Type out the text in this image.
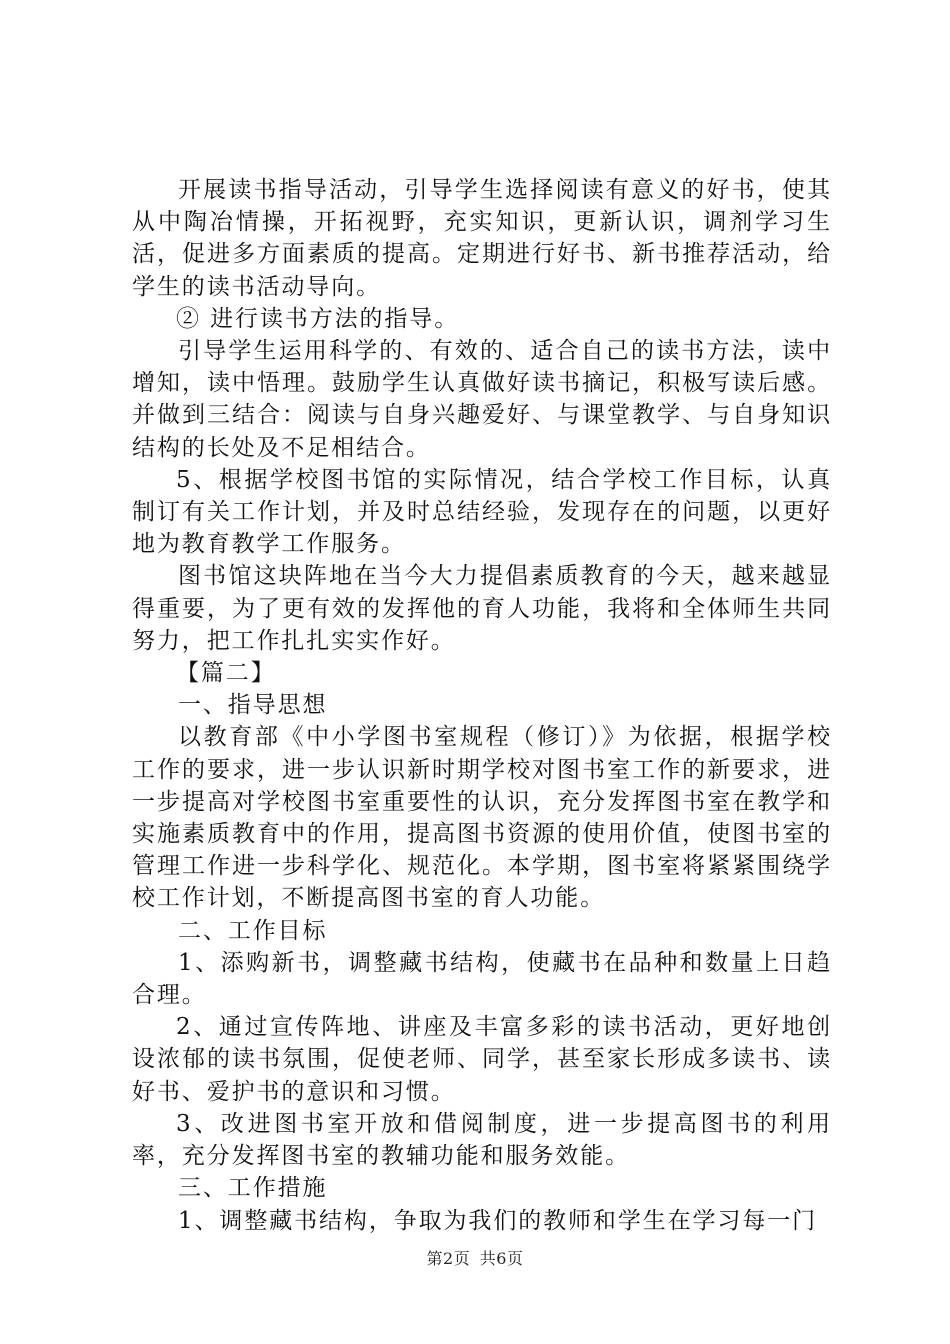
开展读书指导活动，引导学生选择阅读有意义的好书，使其从中陶冶情操，开拓视野，充实知识，更新认识，调剂学习生活，促进多方面素质的提高。定期进行好书、新书推荐活动，给学生的读书活动导向。

② 进行读书方法的指导。

引导学生运用科学的、有效的、适合自己的读书方法，读中增知，读中悟理。鼓励学生认真做好读书摘记，积极写读后感。并做到三结合：阅读与自身兴趣爱好、与课堂教学、与自身知识结构的长处及不足相结合。

5、根据学校图书馆的实际情况，结合学校工作目标，认真制订有关工作计划，并及时总结经验，发现存在的问题，以更好地为教育教学工作服务。

图书馆这块阵地在当今大力提倡素质教育的今天，越来越显得重要，为了更有效的发挥他的育人功能，我将和全体师生共同努力，把工作扎扎实实作好。

【篇二】

一、指导思想

以教育部《中小学图书室规程（修订）》为依据，根据学校工作的要求，进一步认识新时期学校对图书室工作的新要求，进一步提高对学校图书室重要性的认识，充分发挥图书室在教学和实施素质教育中的作用，提高图书资源的使用价值，使图书室的管理工作进一步科学化、规范化。本学期，图书室将紧紧围绕学校工作计划，不断提高图书室的育人功能。

二、工作目标

1、添购新书，调整藏书结构，使藏书在品种和数量上日趋合理。

2、通过宣传阵地、讲座及丰富多彩的读书活动，更好地创设浓郁的读书氛围，促使老师、同学，甚至家长形成多读书、读好书、爱护书的意识和习惯。

3、改进图书室开放和借阅制度，进一步提高图书的利用率，充分发挥图书室的教辅功能和服务效能。

三、工作措施

1、调整藏书结构，争取为我们的教师和学生在学习每一门

第2页 共6页
